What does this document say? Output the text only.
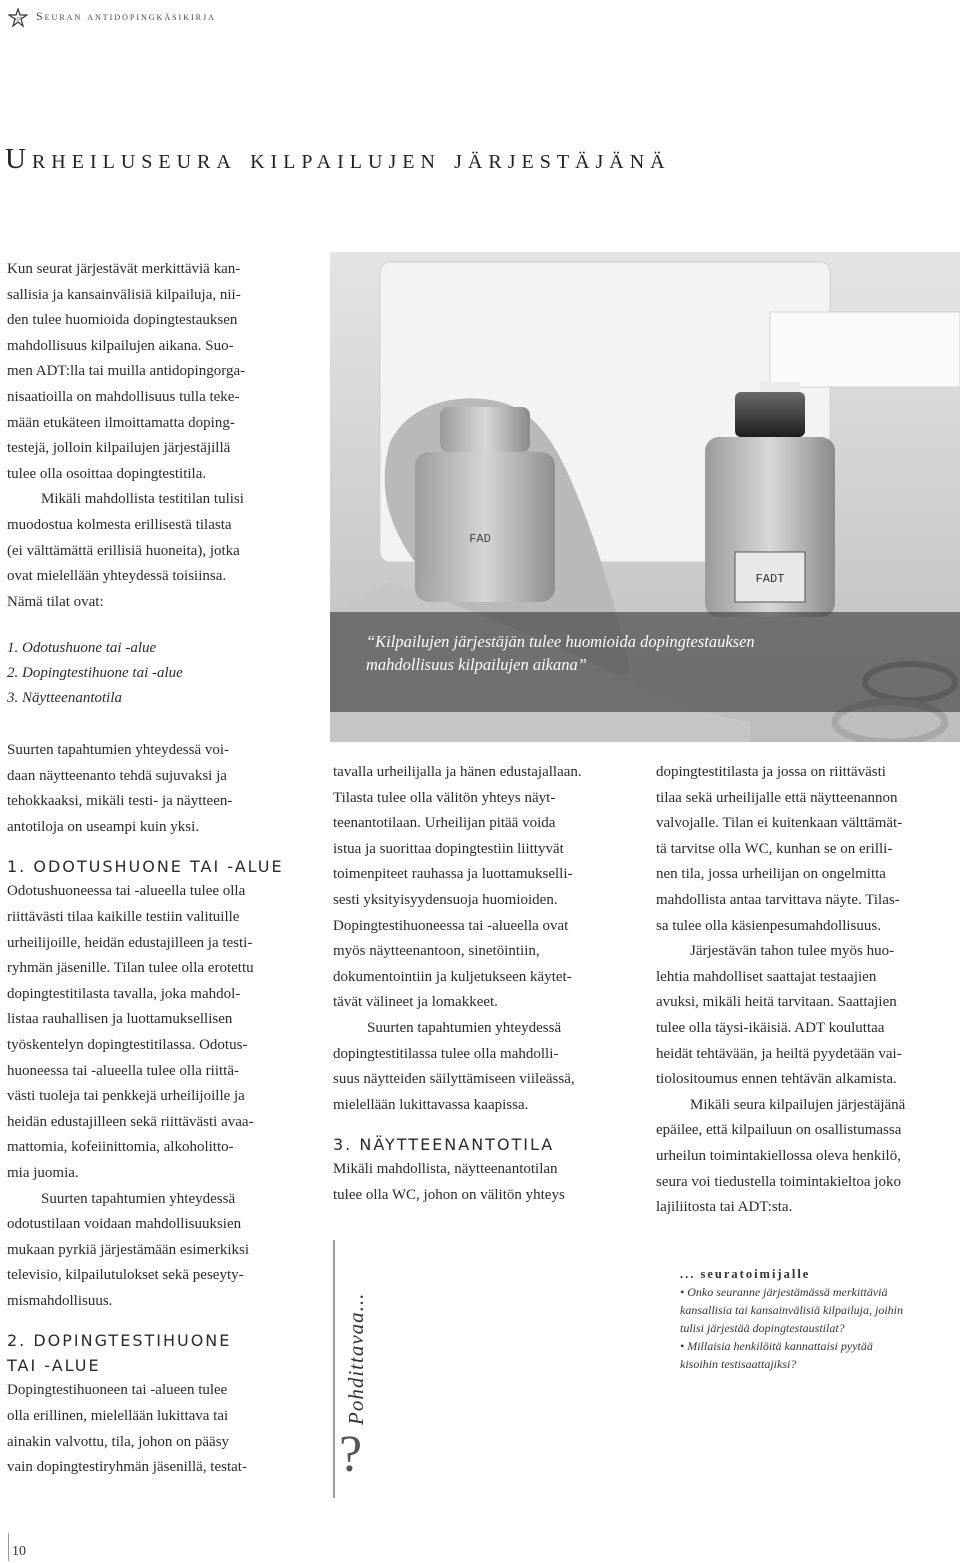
ADT Seuran antidopingkäsikirja
Urheiluseura kilpailujen järjestäjänä

Kun seurat järjestävät merkittäviä kan-

sallisia ja kansainvälisiä kilpailuja, nii-

den tulee huomioida dopingtestauksen

mahdollisuus kilpailujen aikana. Suo-

men ADT:lla tai muilla antidopingorga-

nisaatioilla on mahdollisuus tulla teke-

mään etukäteen ilmoittamatta doping-

testejä, jolloin kilpailujen järjestäjillä

tulee olla osoittaa dopingtestitila.

Mikäli mahdollista testitilan tulisi

muodostua kolmesta erillisestä tilasta

(ei välttämättä erillisiä huoneita), jotka

ovat mielellään yhteydessä toisiinsa.

Nämä tilat ovat:

1. Odotushuone tai -alue

2. Dopingtestihuone tai -alue

3. Näytteenantotila

Suurten tapahtumien yhteydessä voi-

daan näytteenanto tehdä sujuvaksi ja

tehokkaaksi, mikäli testi- ja näytteen-

antotiloja on useampi kuin yksi.

1. ODOTUSHUONE TAI -ALUE

Odotushuoneessa tai -alueella tulee olla

riittävästi tilaa kaikille testiin valituille

urheilijoille, heidän edustajilleen ja testi-

ryhmän jäsenille. Tilan tulee olla erotettu

dopingtestitilasta tavalla, joka mahdol-

listaa rauhallisen ja luottamuksellisen

työskentelyn dopingtestitilassa. Odotus-

huoneessa tai -alueella tulee olla riittä-

västi tuoleja tai penkkejä urheilijoille ja

heidän edustajilleen sekä riittävästi avaa-

mattomia, kofeiinittomia, alkoholitto-

mia juomia.

Suurten tapahtumien yhteydessä

odotustilaan voidaan mahdollisuuksien

mukaan pyrkiä järjestämään esimerkiksi

televisio, kilpailutulokset sekä peseyty-

mismahdollisuus.

2. DOPINGTESTIHUONE

TAI -ALUE

Dopingtestihuoneen tai -alueen tulee

olla erillinen, mielellään lukittava tai

ainakin valvottu, tila, johon on pääsy

vain dopingtestiryhmän jäsenillä, testat-

FADT
FAD
“Kilpailujen järjestäjän tulee huomioida dopingtestauksen
mahdollisuus kilpailujen aikana”

tavalla urheilijalla ja hänen edustajallaan.

Tilasta tulee olla välitön yhteys näyt-

teenantotilaan. Urheilijan pitää voida

istua ja suorittaa dopingtestiin liittyvät

toimenpiteet rauhassa ja luottamukselli-

sesti yksityisyydensuoja huomioiden.

Dopingtestihuoneessa tai -alueella ovat

myös näytteenantoon, sinetöintiin,

dokumentointiin ja kuljetukseen käytet-

tävät välineet ja lomakkeet.

Suurten tapahtumien yhteydessä

dopingtestitilassa tulee olla mahdolli-

suus näytteiden säilyttämiseen viileässä,

mielellään lukittavassa kaapissa.

3. NÄYTTEENANTOTILA

Mikäli mahdollista, näytteenantotilan

tulee olla WC, johon on välitön yhteys

dopingtestitilasta ja jossa on riittävästi

tilaa sekä urheilijalle että näytteenannon

valvojalle. Tilan ei kuitenkaan välttämät-

tä tarvitse olla WC, kunhan se on erilli-

nen tila, jossa urheilijan on ongelmitta

mahdollista antaa tarvittava näyte. Tilas-

sa tulee olla käsienpesumahdollisuus.

Järjestävän tahon tulee myös huo-

lehtia mahdolliset saattajat testaajien

avuksi, mikäli heitä tarvitaan. Saattajien

tulee olla täysi-ikäisiä. ADT kouluttaa

heidät tehtävään, ja heiltä pyydetään vai-

tiolositoumus ennen tehtävän alkamista.

Mikäli seura kilpailujen järjestäjänä

epäilee, että kilpailuun on osallistumassa

urheilun toimintakiellossa oleva henkilö,

seura voi tiedustella toimintakieltoa joko

lajiliitosta tai ADT:sta.

Pohdittavaa...
?

... seuratoimijalle

• Onko seuranne järjestämässä merkittäviä

kansallisia tai kansainvälisiä kilpailuja, joihin

tulisi järjestää dopingtestaustilat?

• Millaisia henkilöitä kannattaisi pyytää

kisoihin testisaattajiksi?

10
